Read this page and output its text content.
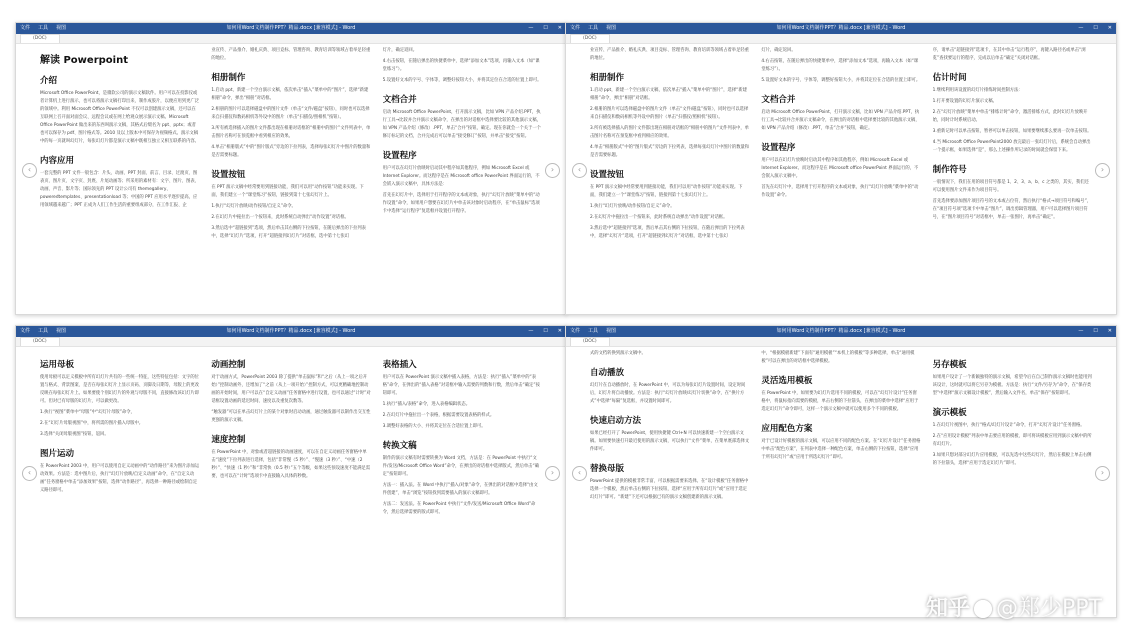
文件 工具 视图	如何用Word文档制作PPT？精品.docx [兼容模式] - Word	— ☐ ✕
(DOC)
解读 Powerpoint
介绍
Microsoft Office PowerPoint，是微软公司的演示文稿软件。用户可以在投影仪或者计算机上进行演示，也可以将演示文稿打印出来，制作成胶片，以便应用到更广泛的领域中。利用 Microsoft Office PowerPoint 不仅可以创建演示文稿，还可以在互联网上召开面对面会议、远程会议或在网上给观众展示演示文稿。Microsoft Office PowerPoint 做出来的东西叫演示文稿，其格式后缀名为 ppt、pptx；或者也可以保存为 pdf、图片格式等。2010 及以上版本中可保存为视频格式。演示文稿中的每一页就叫幻灯片，每张幻灯片都是演示文稿中既相互独立又相互联系的内容。
内容应用
一套完整的 PPT 文件一般包含：片头、动画、PPT 封面、前言、目录、过渡页、图表页、图片页、文字页、封底、片尾动画等；所采用的素材有：文字、图片、图表、动画、声音、影片等；国际领先的 PPT 设计公司有 themegallery、poweredtemplates、presentationload 等；中国的 PPT 应用水平逐步提高，应用领域越来越广；PPT 正成为人们工作生活的重要组成部分，在工作汇报、企
业宣传、产品推介、婚礼庆典、项目竞标、管理咨询、教育培训等领域占着举足轻重的地位。
相册制作
1.启动 ppt，新建一个空白演示文稿，依次单击“插入”菜单中的“图片”，选择“新建相册”命令，弹出“相册”对话框。
2.相册的图片可以选择磁盘中的图片文件（单击“文件/磁盘”按钮），同时也可以选择来自扫描仪和数码相机等外设中的图片（单击“扫描仪/照相机”按钮）。
3.所有被选择插入的图片文件都出现在相册对话框的“相册中的图片”文件列表中，单击图片名称可在预览框中看到相应的效果。
4.单击“相册版式”中的“图片版式”旁边的下拉列表，选择每张幻灯片中图片的数量和是否需要标题。
设置按钮
在 PPT 演示文稿中经常要用到链接功能，我们可以用“动作按钮”功能来实现。下面，我们建立一个“课堂练习”按钮，链接到第十七张幻灯片上。
1.执行“幻灯片放映/动作按钮/自定义”命令。
2.在幻灯片中拖拉出一个按钮来，此时系统自动弹出“动作设置”对话框。
3.然后选中“超链接到”选项，然后单击其右侧的下拉按钮，在随后弹出的下拉列表中，选择“幻灯片”选项，打开“超链接到幻灯片”对话框，选中第十七张幻
灯片，确定返回。
4.右击按钮，在随后弹出的快捷菜单中，选择“添加文本”选项，再输入文本（如“课堂练习”）。
5.设置好文本的字号、字体等，调整好按钮大小，并将其定位在合适的位置上即可。
文档合并
启动 Microsoft Office PowerPoint，打开演示文稿，比如 VPN 产品介绍.PPT，执行工具→比较并合并演示文稿命令，在弹出的对话框中选择要比较的其他演示文稿，如 VPN 产品介绍（修改）.PPT，单击“合并”按钮，确定。现在你就会一个关于一个修订标记的文档，合并完成后可以单击“接受修订”按钮，并单击“接受”按钮。
设置程序
用户可以在幻灯片放映时启动其中程序如其他程序，例如 Microsoft Excel 或 Internet Explorer。而这程序是在 Microsoft office PowerPoint 界面运行的，不会嵌入演示文稿中，具体方法是：
首先在幻灯片中，选择用于打开程序的文本或对象，执行“幻灯片放映”菜单中的“动作设置”命令，如果用户想要在幻灯片中单击该对象时启动程序，在“单击鼠标”选项卡中选择“运行程序”复选框并设置打开程序。
‹	›
文件 工具 视图	如何用Word文档制作PPT？精品.docx [兼容模式] - Word	— ☐ ✕
(DOC)
业宣传、产品推介、婚礼庆典、项目竞标、管理咨询、教育培训等领域占着举足轻重的地位。
相册制作
1.启动 ppt，新建一个空白演示文稿，依次单击“插入”菜单中的“图片”，选择“新建相册”命令，弹出“相册”对话框。
2.相册的图片可以选择磁盘中的图片文件（单击“文件/磁盘”按钮），同时也可以选择来自扫描仪和数码相机等外设中的图片（单击“扫描仪/照相机”按钮）。
3.所有被选择插入的图片文件都出现在相册对话框的“相册中的图片”文件列表中，单击图片名称可在预览框中看到相应的效果。
4.单击“相册版式”中的“图片版式”旁边的下拉列表，选择每张幻灯片中图片的数量和是否需要标题。
设置按钮
在 PPT 演示文稿中经常要用到链接功能，我们可以用“动作按钮”功能来实现。下面，我们建立一个“课堂练习”按钮，链接到第十七张幻灯片上。
1.执行“幻灯片放映/动作按钮/自定义”命令。
2.在幻灯片中拖拉出一个按钮来，此时系统自动弹出“动作设置”对话框。
3.然后选中“超链接到”选项，然后单击其右侧的下拉按钮，在随后弹出的下拉列表中，选择“幻灯片”选项，打开“超链接到幻灯片”对话框，选中第十七张幻
灯片，确定返回。
4.右击按钮，在随后弹出的快捷菜单中，选择“添加文本”选项，再输入文本（如“课堂练习”）。
5.设置好文本的字号、字体等，调整好按钮大小，并将其定位在合适的位置上即可。
文档合并
启动 Microsoft Office PowerPoint，打开演示文稿，比如 VPN 产品介绍.PPT，执行工具→比较并合并演示文稿命令，在弹出的对话框中选择要比较的其他演示文稿，如 VPN 产品介绍（修改）.PPT，单击“合并”按钮，确定。
设置程序
用户可以在幻灯片放映时启动其中程序如其他程序，例如 Microsoft Excel 或 Internet Explorer。而这程序是在 Microsoft office PowerPoint 界面运行的，不会嵌入演示文稿中。
首先在幻灯片中，选择用于打开程序的文本或对象，执行“幻灯片放映”菜单中的“动作设置”命令。
序，请单击“超链接到”选项卡，在其中单击“运行程序”，再键入路径名或单击“浏览”查找要运行的程序，完成以后单击“确定”关闭对话框。
估计时间
1.继续利用该设置的幻灯片排练时间控制方法：
1.打开要设置的幻灯片演示文稿。
2.在“幻灯片放映”菜单中单击“排练计时”命令，激活排练方式，此时幻灯片放映开始，同时计时系统启动。
3.重新记时可以单击按钮，暂停可以单击按钮，如果要继续那么要再一次单击按钮。
4.当 Microsoft Office PowerPoint2000 放完最后一张幻灯片后，系统会自动弹出一个提示框，如果选择“是”，那么上述操作所记录的时间就会保留下来。
制作符号
一般情况下，我们在用的项目符号都是 1、2、3、a、b、c 之类的，其实，我们还可以使用图片文件来作为项目符号。
首先选择要添加图片项目符号的文本或占位符，然后执行“格式→项目符号和编号”，在“项目符号项”选项卡中单击“图片”，调出剪辑管理器，用户可以选择图片项目符号，在“图片项目符号”对话框中，单击一张图片，再单击“确定”。
‹	›
文件 工具 视图	如何用Word文档制作PPT？精品.docx [兼容模式] - Word	— ☐ ✕
(DOC)
运用母板
使用母板可以定义模板中所有幻灯片共有的一些统一特征，这些特征包括：文字的位置与格式、背景图案、是否在每张幻灯片上显示页码、页脚及日期等，母版上的更改反映在每张幻灯片上。如果要使个别幻灯片的外观与母版不同，直接修改该幻灯片即可。但对已有母版的幻灯片，可以做更改。
1.执行“视图”菜单中“母版”中“幻灯片母版”命令，
2.在“幻灯片母版视图”中，将所需的图片插入母版中。
3.选择“关闭母版视图”按钮，返回。
图片运动
在 PowerPoint 2003 中，用户可以使用自定义动画中的“动作路径”来为图片添加运动效果。方法是：选中图片后，执行“幻灯片放映/自定义动画”命令，在“自定义动画”任务窗格中单击“添加效果”按钮，选择“动作路径”，再选择一种路径或绘制自定义路径即可。
动画控制
对于动画方式，PowerPoint 2003 除了提供“单击鼠标”和“之后（从上一项之后开始）”控制动画外，还增加了“之前（从上一项开始）”控制方式，可以更精确地控制动画的开始时间，用户可以在“自定义动画”任务窗格中进行设置，也可以通过“计时”对话框设置动画的延迟时间、速度以及重复次数等。
“触发器”可以在单击幻灯片上的某个对象时启动动画，通过触发器可以制作出交互性更强的演示文稿。
速度控制
在 PowerPoint 中，对象或者超链接的动画速度，可以在自定义动画任务窗格中单击“速度”下拉列表进行选择，包括“非常慢（5 秒）”、“慢速（3 秒）”、“中速（2 秒）”、“快速（1 秒）”和“非常快（0.5 秒）”五个等级，如果这些预设速度不能满足需要，也可以在“计时”选项卡中直接输入具体的秒数。
表格插入
用户可以在 PowerPoint 演示文稿中插入表格，方法是：执行“插入”菜单中的“表格”命令，在弹出的“插入表格”对话框中输入需要的列数和行数，然后单击“确定”按钮即可。
1.执行“插入/表格”命令，进入表格编辑状态。
2.在幻灯片中拖拉出一个表格，根据需要设置表格的样式。
3.调整好表格的大小、并将其定位在合适位置上即可。
转换文稿
制作的演示文稿有时需要转换为 Word 文档，方法是：在 PowerPoint 中执行“文件/发送/Microsoft Office Word”命令，在弹出的对话框中选择版式，然后单击“确定”按钮即可。
方法一：插入法。在 Word 中执行“插入/对象”命令，在弹出的对话框中选择“由文件创建”，单击“浏览”按钮找到需要插入的演示文稿即可。
方法二：发送法。在 PowerPoint 中执行“文件/发送/Microsoft Office Word”命令，然后选择需要的版式即可。
‹	›
文件 工具 视图	如何用Word文档制作PPT？精品.docx [兼容模式] - Word	— ☐ ✕
(DOC)
式的文档转换到演示文稿中。
自动播放
幻灯片在自动播放时，在 PowerPoint 中，可以为每张幻灯片设置时间，设定时间后，幻灯片将自动播放。方法是：执行“幻灯片放映/幻灯片切换”命令，在“换片方式”中选择“每隔”复选框，并设置时间即可。
快速启动方法
如果已经打开了 PowerPoint，使用快捷键 Ctrl+N 可以快速新建一个空白演示文稿。如果要快速打开最近使用的演示文稿，可以执行“文件”菜单，在菜单底部选择文件即可。
替换母版
PowerPoint 提供的模板非常丰富，可以根据需要来选择。在“设计模板”任务窗格中选择一个模板，然后单击右侧的下拉按钮，选择“应用于所有幻灯片”或“应用于选定幻灯片”即可。“新建”下还可以根据已有的演示文稿创建新的演示文稿。
中，“根据模板新建”下面有“通用模板”“本机上的模板”等多种选择，单击“通用模板”可以在弹出的对话框中选择模板。
灵活选用模板
在 PowerPoint 中，如果要为幻灯片选用不同的模板，可以在“幻灯片设计”任务窗格中，将鼠标指向需要的模板，单击右侧的下拉箭头，在弹出的菜单中选择“应用于选定幻灯片”命令即可，这样一个演示文稿中就可以使用多个不同的模板。
应用配色方案
对于已设计好模板的演示文稿，可以应用不同的配色方案。在“幻灯片设计”任务窗格中单击“配色方案”，在列表中选择一种配色方案，单击右侧的下拉按钮，选择“应用于所有幻灯片”或“应用于所选幻灯片”即可。
另存模板
如果用户设计了一个新颖独特的演示文稿，希望今后在自己制作演示文稿时也能用到该设计，这时就可以将它另存为模板。方法是：执行“文件/另存为”命令，在“保存类型”中选择“演示文稿设计模板”，然后输入文件名，单击“保存”按钮即可。
演示模板
1.在幻灯片视图中，执行“格式/幻灯片设计”命令，打开“幻灯片设计”任务窗格。
2.在“应用设计模板”列表中单击要应用的模板，即可将该模板应用到演示文稿中的所有幻灯片。
3.如果只想对部分幻灯片应用模板，可以先选中这些幻灯片，然后在模板上单击右侧的下拉箭头，选择“应用于选定幻灯片”即可。
‹	›
知乎 @郑少PPT
